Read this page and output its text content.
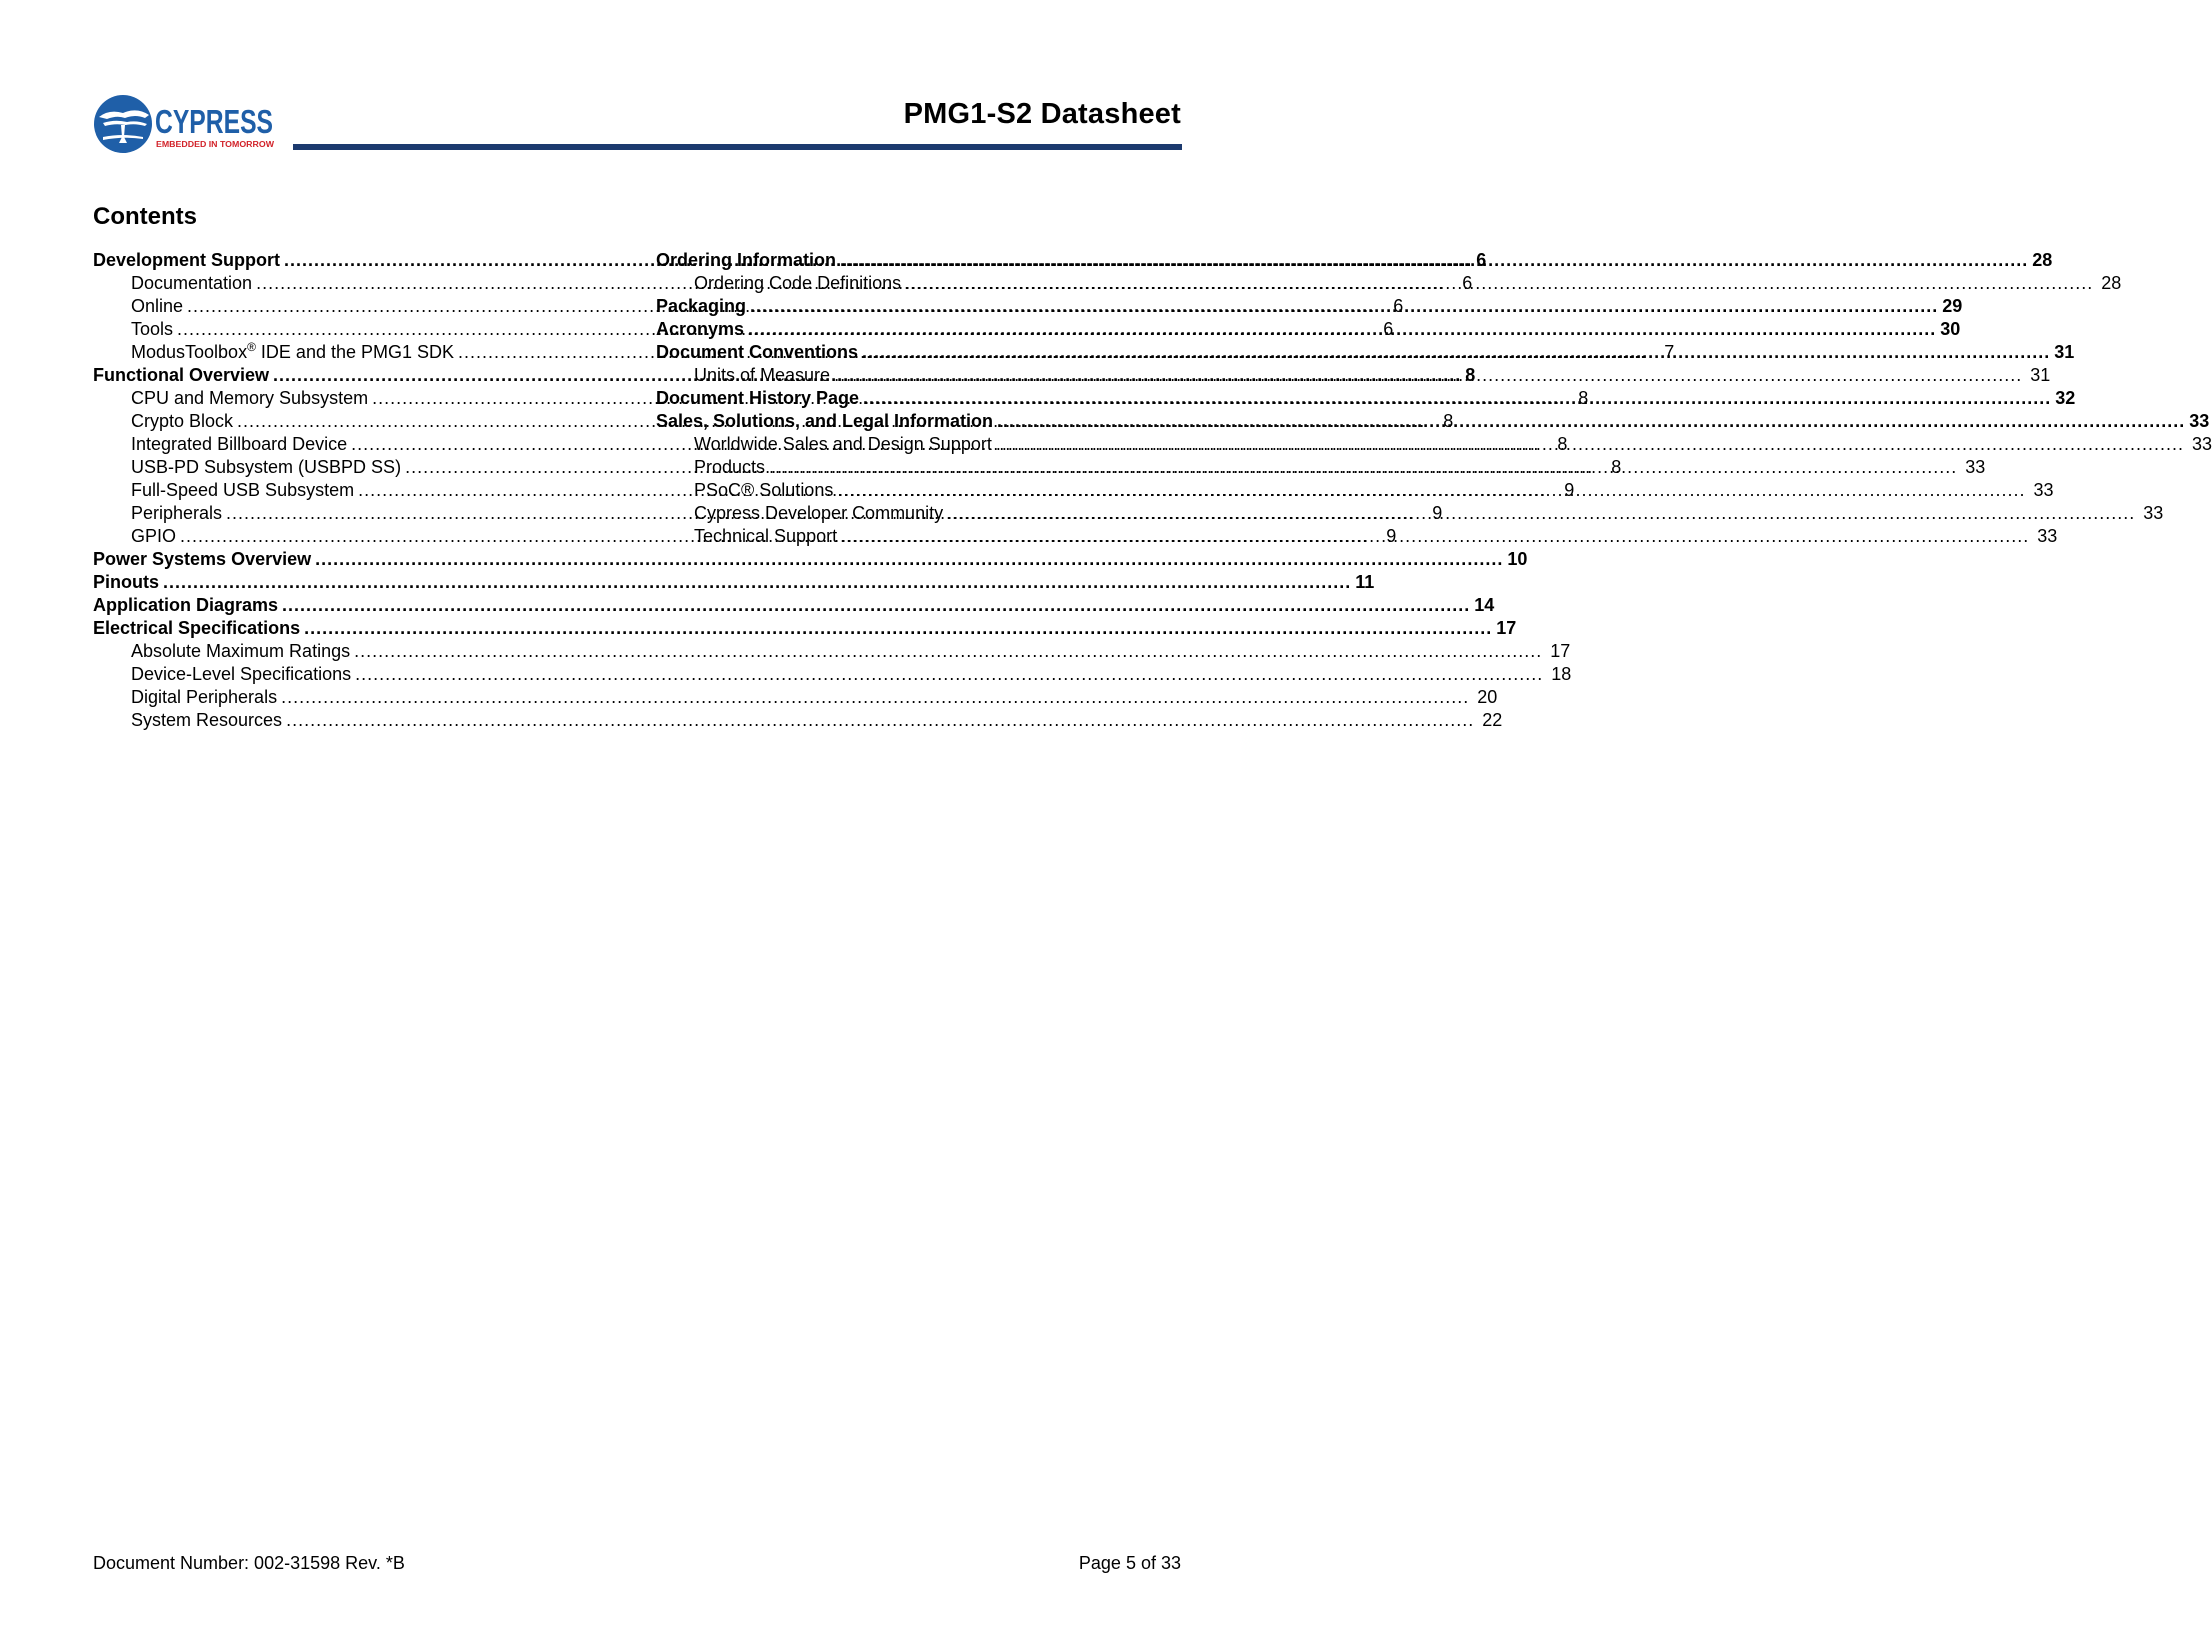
CYPRESS
EMBEDDED IN TOMORROW
PMG1-S2 Datasheet
Contents
Development Support .....	6
Documentation .....	6
Online .....	6
Tools .....	6
ModusToolbox® IDE and the PMG1 SDK .....	7
Functional Overview .....	8
CPU and Memory Subsystem .....	8
Crypto Block .....	8
Integrated Billboard Device .....	8
USB-PD Subsystem (USBPD SS) .....	8
Full-Speed USB Subsystem .....	9
Peripherals .....	9
GPIO .....	9
Power Systems Overview .....	10
Pinouts .....	11
Application Diagrams .....	14
Electrical Specifications .....	17
Absolute Maximum Ratings .....	17
Device-Level Specifications .....	18
Digital Peripherals .....	20
System Resources .....	22
Ordering Information .....	28
Ordering Code Definitions .....	28
Packaging .....	29
Acronyms .....	30
Document Conventions .....	31
Units of Measure .....	31
Document History Page .....	32
Sales, Solutions, and Legal Information .....	33
Worldwide Sales and Design Support .....	33
Products .....	33
PSoC® Solutions .....	33
Cypress Developer Community .....	33
Technical Support .....	33
Document Number: 002-31598 Rev. *B	Page 5 of 33
